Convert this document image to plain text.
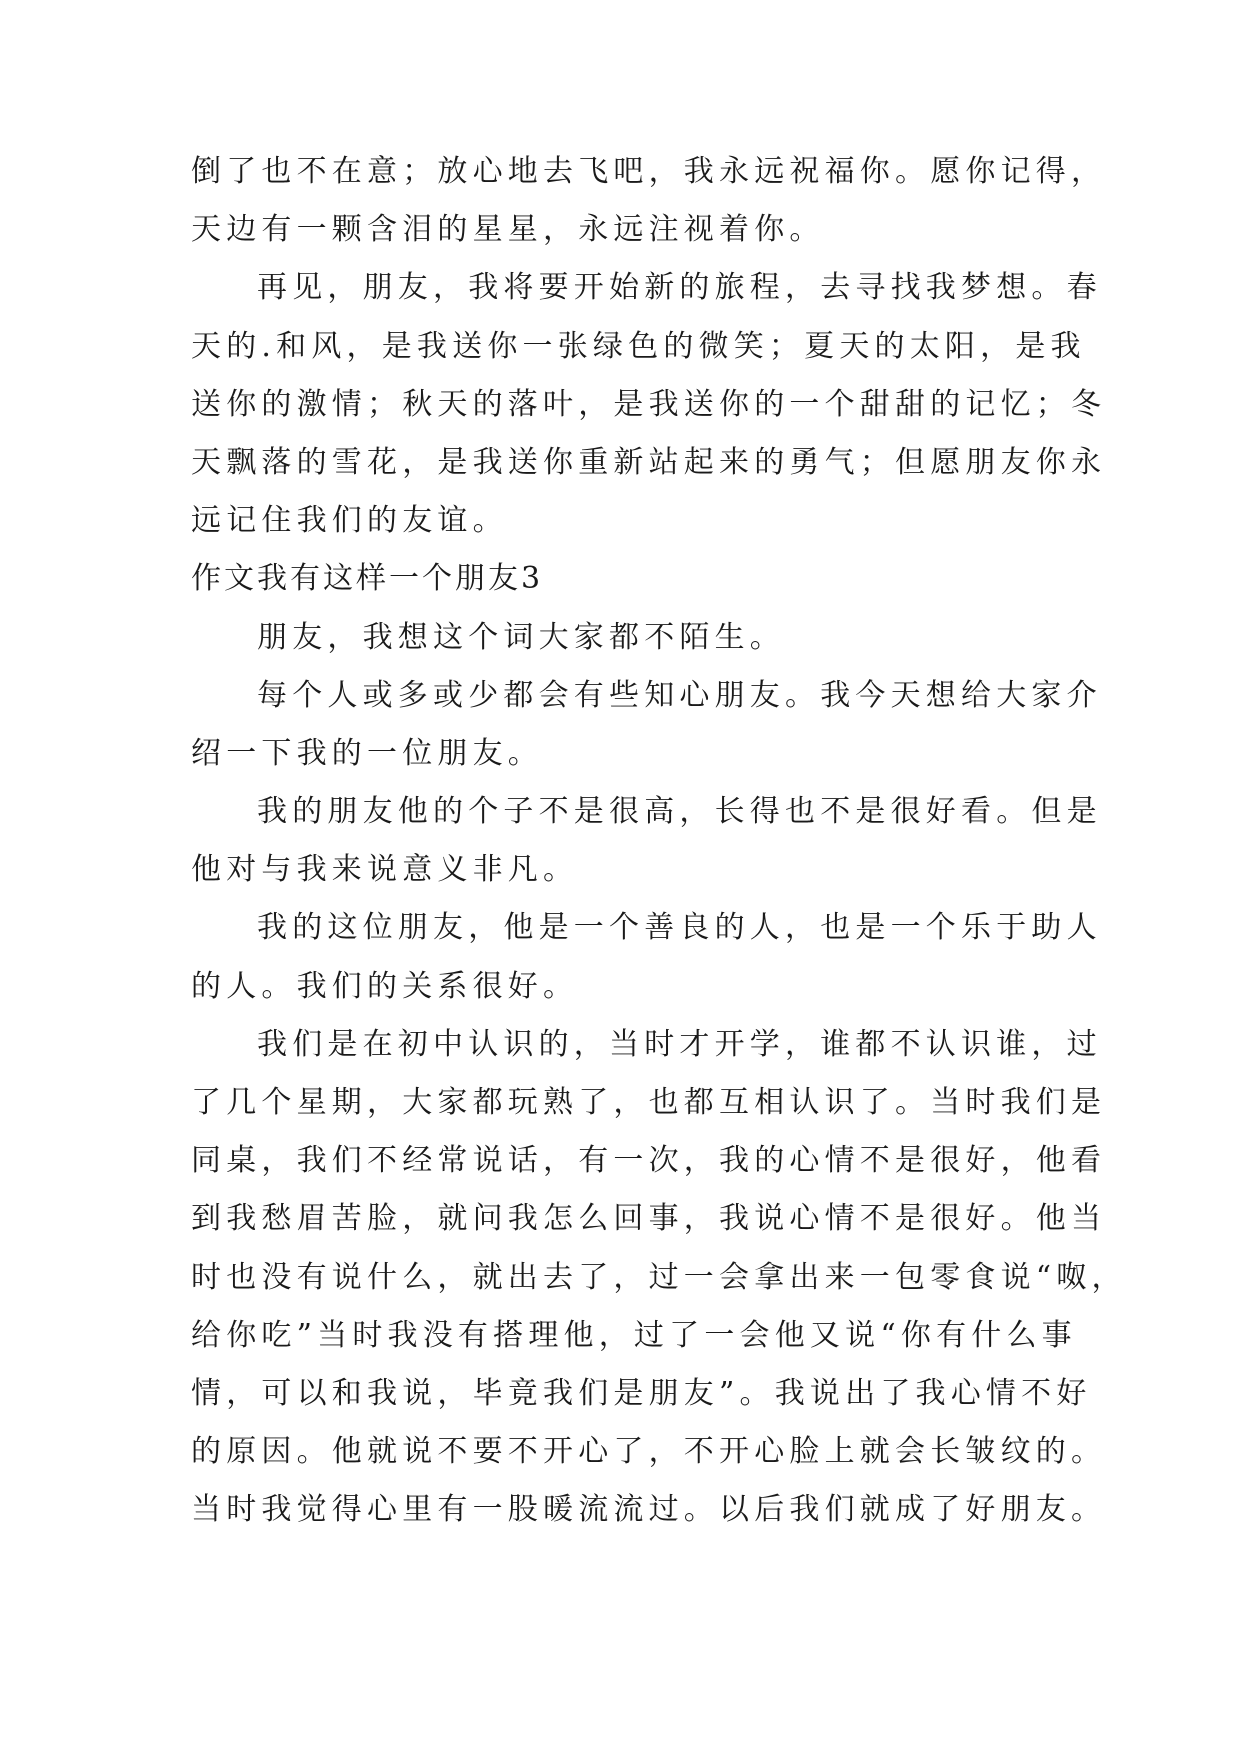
倒了也不在意；放心地去飞吧，我永远祝福你。愿你记得，
天边有一颗含泪的星星，永远注视着你。
再见，朋友，我将要开始新的旅程，去寻找我梦想。春
天的.和风，是我送你一张绿色的微笑；夏天的太阳，是我
送你的激情；秋天的落叶，是我送你的一个甜甜的记忆；冬
天飘落的雪花，是我送你重新站起来的勇气；但愿朋友你永
远记住我们的友谊。
作文我有这样一个朋友3
朋友，我想这个词大家都不陌生。
每个人或多或少都会有些知心朋友。我今天想给大家介
绍一下我的一位朋友。
我的朋友他的个子不是很高，长得也不是很好看。但是
他对与我来说意义非凡。
我的这位朋友，他是一个善良的人，也是一个乐于助人
的人。我们的关系很好。
我们是在初中认识的，当时才开学，谁都不认识谁，过
了几个星期，大家都玩熟了，也都互相认识了。当时我们是
同桌，我们不经常说话，有一次，我的心情不是很好，他看
到我愁眉苦脸，就问我怎么回事，我说心情不是很好。他当
时也没有说什么，就出去了，过一会拿出来一包零食说“呶，
给你吃”当时我没有搭理他，过了一会他又说“你有什么事
情，可以和我说，毕竟我们是朋友”。我说出了我心情不好
的原因。他就说不要不开心了，不开心脸上就会长皱纹的。
当时我觉得心里有一股暖流流过。以后我们就成了好朋友。
